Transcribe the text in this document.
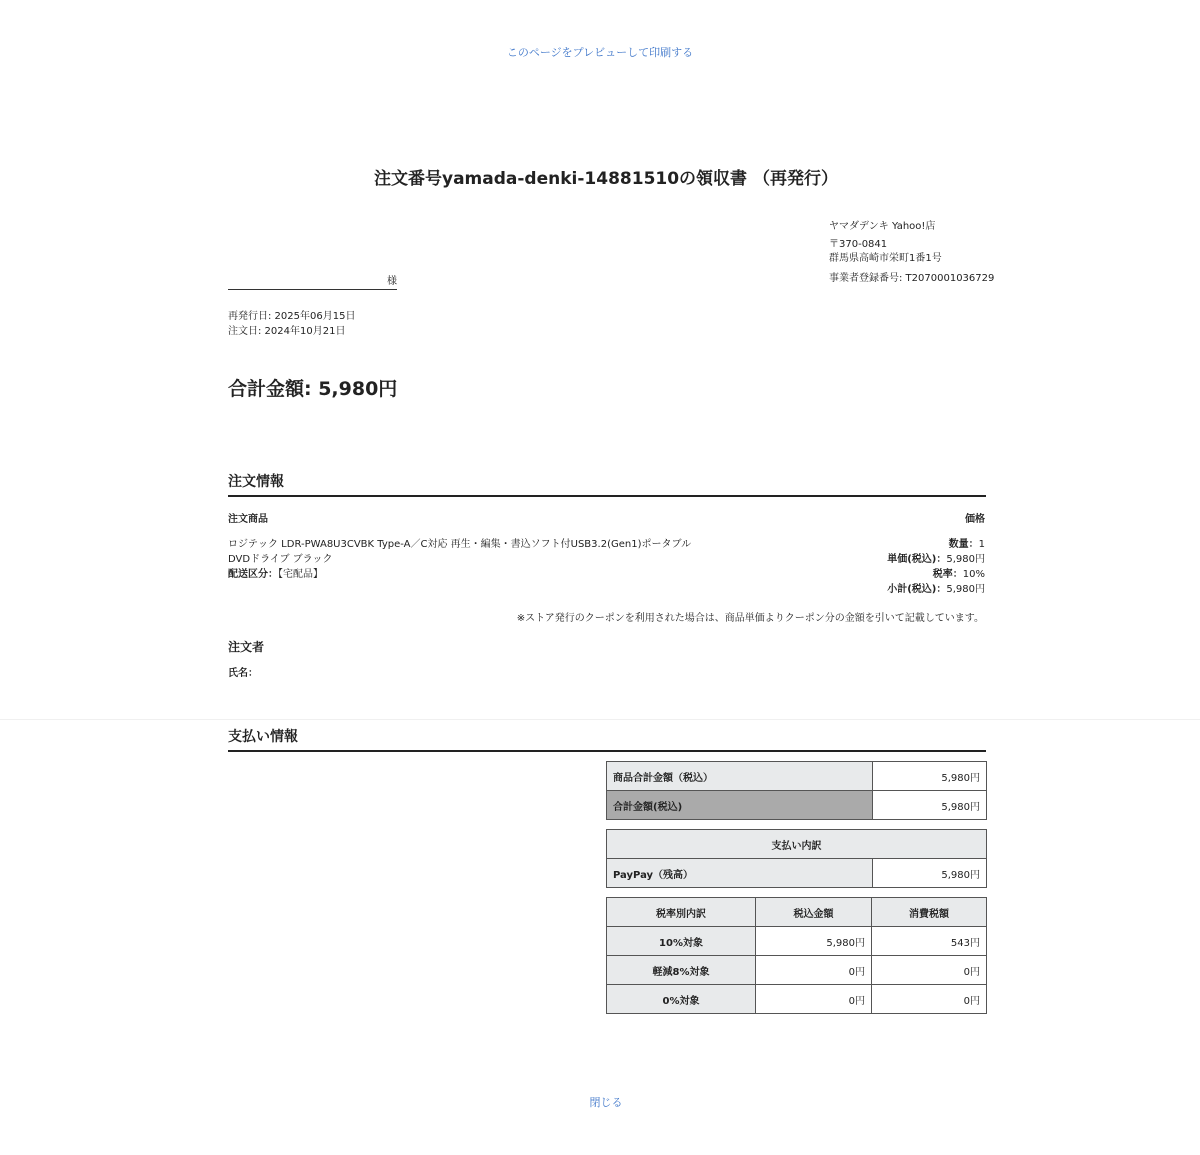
このページをプレビューして印刷する
注文番号yamada-denki-14881510の領収書 （再発行）
様
ヤマダデンキ Yahoo!店
〒370-0841
群馬県高崎市栄町1番1号
事業者登録番号: T2070001036729
再発行日: 2025年06月15日
注文日: 2024年10月21日
合計金額: 5,980円
注文情報
注文商品	価格
ロジテック LDR-PWA8U3CVBK Type-A／C対応 再生・編集・書込ソフト付USB3.2(Gen1)ポータブル
DVDドライブ ブラック
配送区分：【宅配品】
数量：1
単価(税込)：5,980円
税率：10%
小計(税込)：5,980円
※ストア発行のクーポンを利用された場合は、商品単価よりクーポン分の金額を引いて記載しています。
注文者
氏名：
支払い情報
商品合計金額（税込）	5,980円
合計金額(税込)	5,980円
支払い内訳
PayPay（残高）	5,980円
税率別内訳	税込金額	消費税額
10%対象	5,980円	543円
軽減8%対象	0円	0円
0%対象	0円	0円
閉じる
